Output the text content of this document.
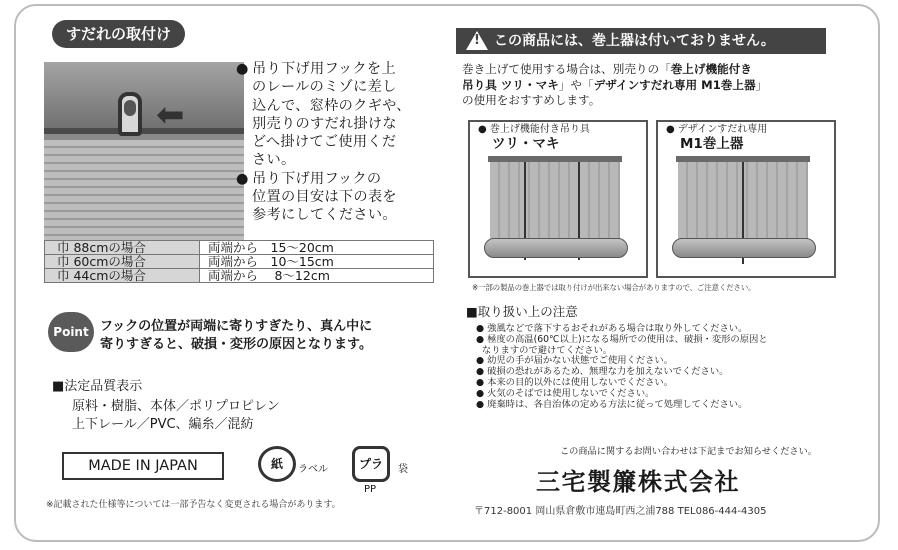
すだれの取付け
⬅

● 吊り下げ用フックを上
のレールのミゾに差し
込んで、窓枠のクギや、
別売りのすだれ掛けな
どへ掛けてご使用くだ
さい。

● 吊り下げ用フックの
位置の目安は下の表を
参考にしてください。

巾 88cmの場合	両端から　15〜20cm
巾 60cmの場合	両端から　10〜15cm
巾 44cmの場合	両端から　 8〜12cm
Point フックの位置が両端に寄りすぎたり、真ん中に
寄りすぎると、破損・変形の原因となります。
■法定品質表示
原料・樹脂、本体／ポリプロピレン
上下レール／PVC、編糸／混紡
MADE IN JAPAN	紙	ラベル	プラ	袋
PP
※記載された仕様等については一部予告なく変更される場合があります。
! この商品には、巻上器は付いておりません。
巻き上げて使用する場合は、別売りの「巻上げ機能付き
吊り具 ツリ・マキ」や「デザインすだれ専用 M1巻上器」
の使用をおすすめします。
● 巻上げ機能付き吊り具
ツリ・マキ
● デザインすだれ専用
M1巻上器
※一部の製品の巻上器では取り付けが出来ない場合がありますので、ご注意ください。
■取り扱い上の注意

● 強風などで落下するおそれがある場合は取り外してください。

● 極度の高温(60℃以上)になる場所での使用は、破損・変形の原因と

なりますので避けてください。

● 幼児の手が届かない状態でご使用ください。

● 破損の恐れがあるため、無理な力を加えないでください。

● 本来の目的以外には使用しないでください。

● 火気のそばでは使用しないでください。

● 廃棄時は、各自治体の定める方法に従って処理してください。

この商品に関するお問い合わせは下記までお知らせください。
三宅製簾株式会社
〒712-8001 岡山県倉敷市連島町西之浦788 TEL086-444-4305
